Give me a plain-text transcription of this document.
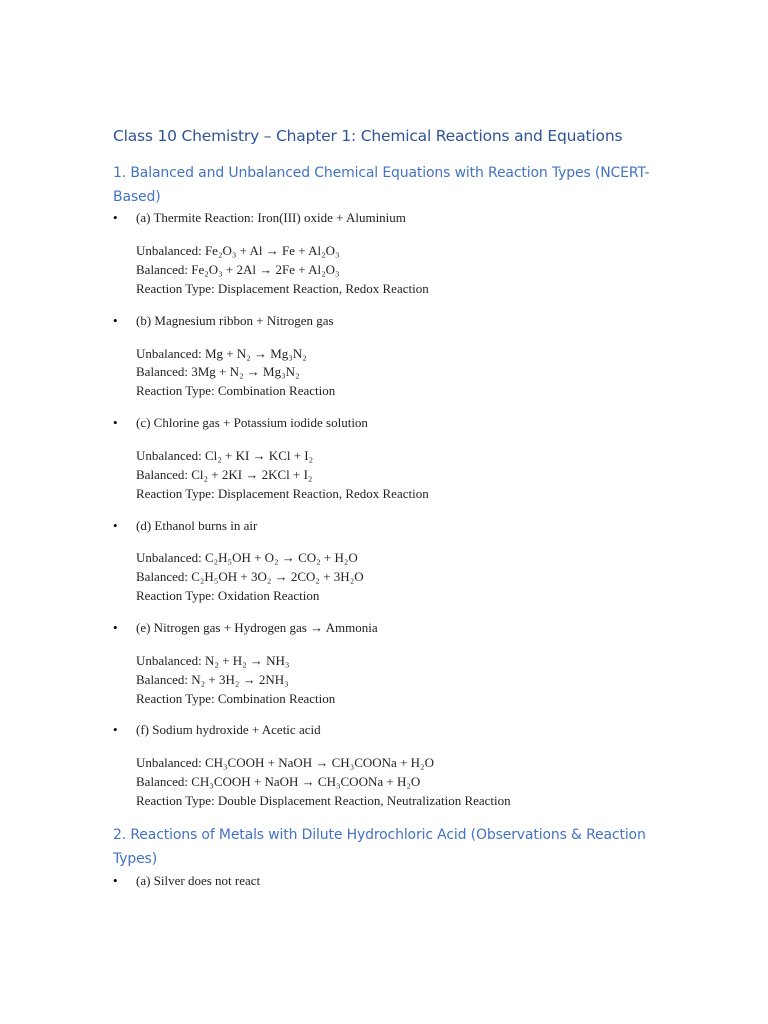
Class 10 Chemistry – Chapter 1: Chemical Reactions and Equations
1. Balanced and Unbalanced Chemical Equations with Reaction Types (NCERT-Based)
• (a) Thermite Reaction: Iron(III) oxide + Aluminium
Unbalanced: Fe₂O₃ + Al → Fe + Al₂O₃
Balanced: Fe₂O₃ + 2Al → 2Fe + Al₂O₃
Reaction Type: Displacement Reaction, Redox Reaction
• (b) Magnesium ribbon + Nitrogen gas
Unbalanced: Mg + N₂ → Mg₃N₂
Balanced: 3Mg + N₂ → Mg₃N₂
Reaction Type: Combination Reaction
• (c) Chlorine gas + Potassium iodide solution
Unbalanced: Cl₂ + KI → KCl + I₂
Balanced: Cl₂ + 2KI → 2KCl + I₂
Reaction Type: Displacement Reaction, Redox Reaction
• (d) Ethanol burns in air
Unbalanced: C₂H₅OH + O₂ → CO₂ + H₂O
Balanced: C₂H₅OH + 3O₂ → 2CO₂ + 3H₂O
Reaction Type: Oxidation Reaction
• (e) Nitrogen gas + Hydrogen gas → Ammonia
Unbalanced: N₂ + H₂ → NH₃
Balanced: N₂ + 3H₂ → 2NH₃
Reaction Type: Combination Reaction
• (f) Sodium hydroxide + Acetic acid
Unbalanced: CH₃COOH + NaOH → CH₃COONa + H₂O
Balanced: CH₃COOH + NaOH → CH₃COONa + H₂O
Reaction Type: Double Displacement Reaction, Neutralization Reaction
2. Reactions of Metals with Dilute Hydrochloric Acid (Observations & Reaction Types)
• (a) Silver does not react
